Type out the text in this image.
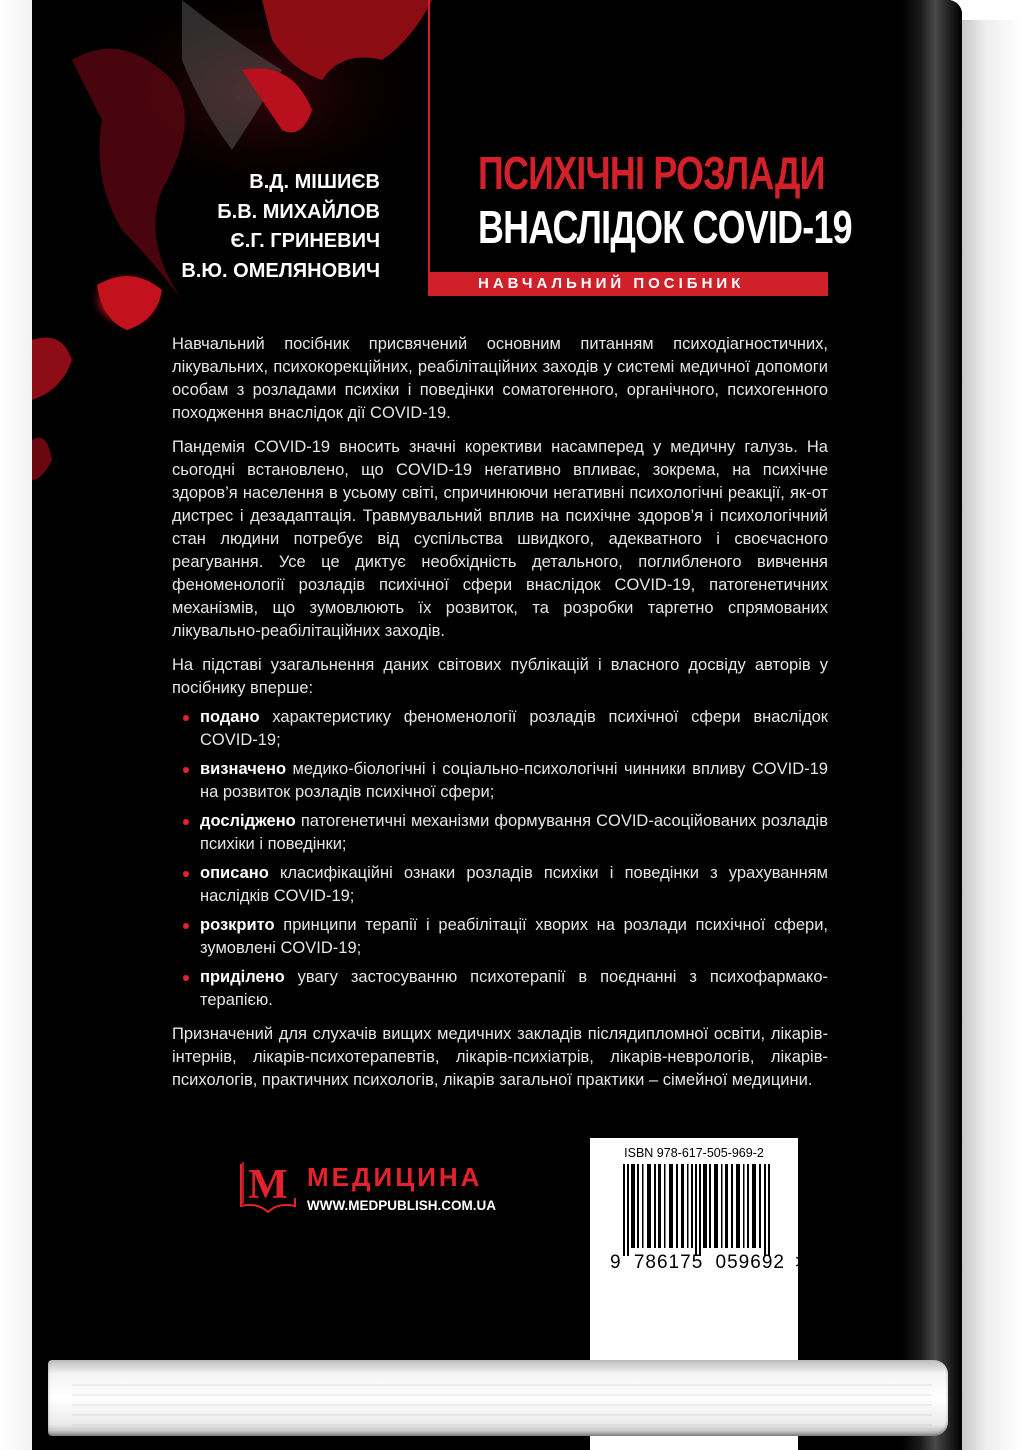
ПСИХІЧНІ РОЗЛАДИ
ВНАСЛІДОК COVID-19
НАВЧАЛЬНИЙ ПОСІБНИК
В.Д. МІШИЄВ
Б.В. МИХАЙЛОВ
Є.Г. ГРИНЕВИЧ
В.Ю. ОМЕЛЯНОВИЧ

Навчальний посібник присвячений основним питанням психодіагностичних, лікувальних, психокорекційних, реабілітаційних заходів у системі медичної допомоги особам з розладами психіки і поведінки соматогенного, органічного, психогенного походження внаслідок дії COVID-19.

Пандемія COVID-19 вносить значні корективи насамперед у медичну галузь. На сьогодні встановлено, що COVID-19 негативно впливає, зокрема, на психічне здоров’я населення в усьому світі, спричинюючи негативні психологічні реакції, як-от дистрес і дезадаптація. Травмувальний вплив на психічне здоров’я і психологічний стан людини потребує від суспільства швидкого, адекватного і своєчасного реагування. Усе це диктує необхідність детального, поглибленого вивчення феноменології розладів психічної сфери внаслідок COVID-19, патогенетичних механізмів, що зумовлюють їх розвиток, та розробки таргетно спрямованих лікувально-реабілітаційних заходів.

На підставі узагальнення даних світових публікацій і власного досвіду авторів у посібнику вперше:

подано характеристику феноменології розладів психічної сфери внаслідок COVID-19;
визначено медико-біологічні і соціально-психологічні чинники впливу COVID-19 на розвиток розладів психічної сфери;
досліджено патогенетичні механізми формування COVID-асоційованих розладів психіки і поведінки;
описано класифікаційні ознаки розладів психіки і поведінки з урахуванням наслідків COVID-19;
розкрито принципи терапії і реабілітації хворих на розлади психічної сфери, зумовлені COVID-19;
приділено увагу застосуванню психотерапії в поєднанні з психофармако-терапією.

Призначений для слухачів вищих медичних закладів післядипломної освіти, лікарів-інтернів, лікарів-психотерапевтів, лікарів-психіатрів, лікарів-неврологів, лікарів-психологів, практичних психологів, лікарів загальної практики – сімейної медицини.

M МЕДИЦИНА
WWW.MEDPUBLISH.COM.UA
ISBN 978-617-505-969-2
9 786175 059692 >
